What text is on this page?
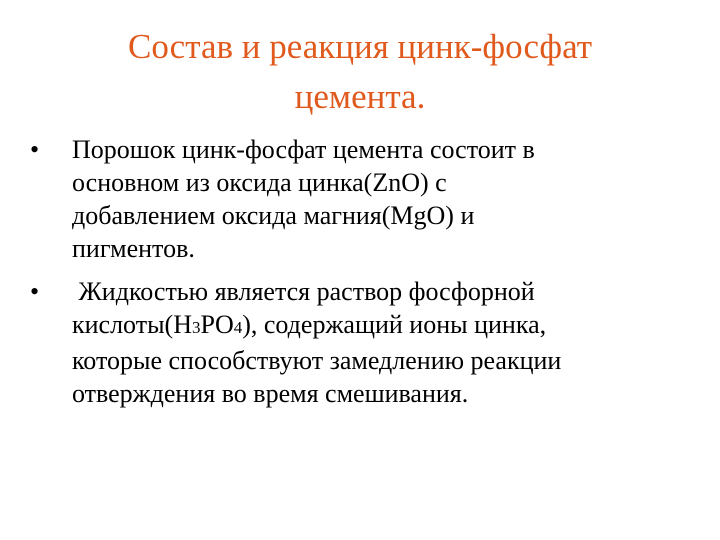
Состав и реакция цинк-фосфат
цемента.
•	Порошок цинк-фосфат цемента состоит в
основном из оксида цинка(ZnO) с
добавлением оксида магния(MgO) и
пигментов.
•	Жидкостью является раствор фосфорной
кислоты(H3PO4), содержащий ионы цинка,
которые способствуют замедлению реакции
отверждения во время смешивания.
